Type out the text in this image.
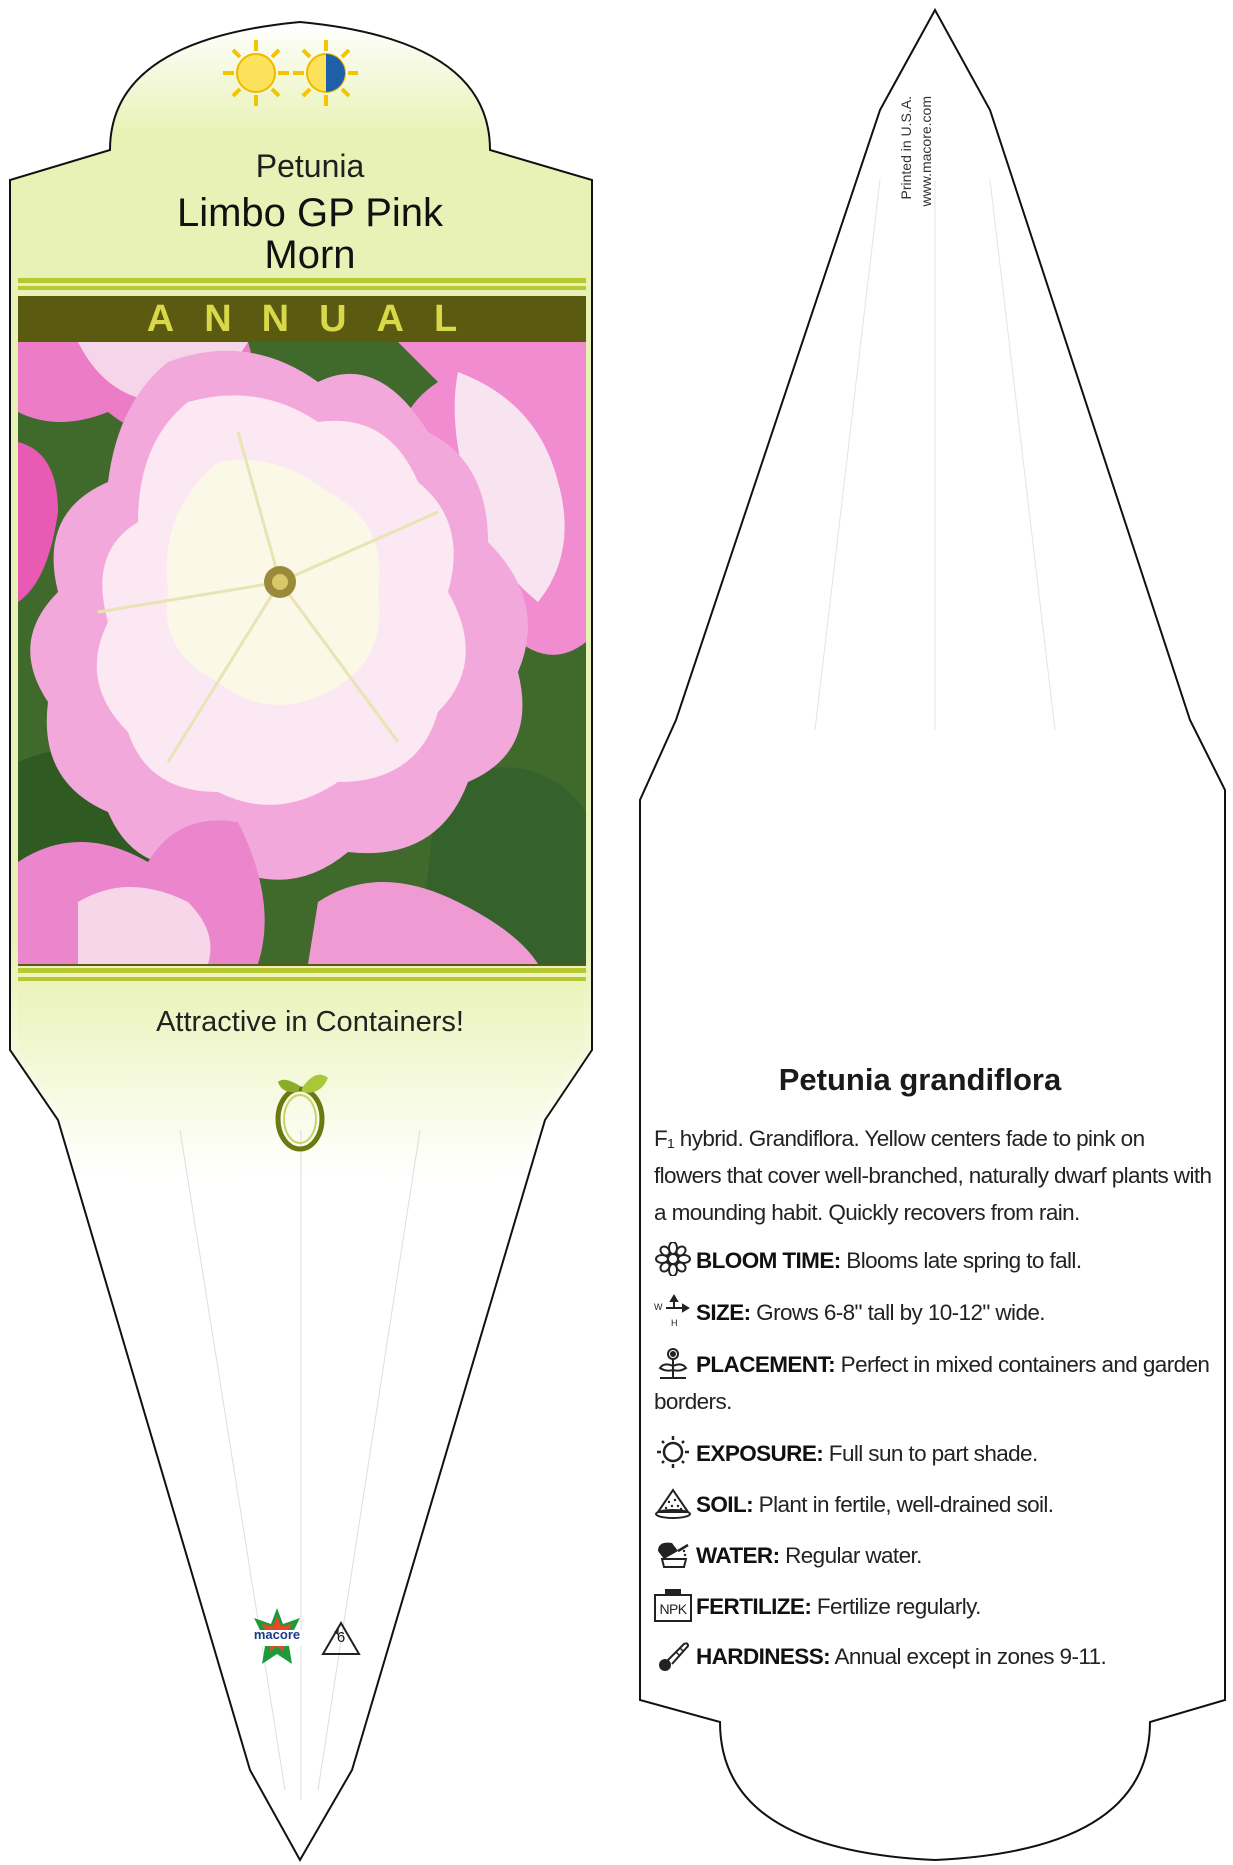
Petunia
Limbo GP Pink
Morn
ANNUAL
Attractive in Containers!
macore	6
Printed in U.S.A. www.macore.com
Petunia grandiflora
F₁ hybrid. Grandiflora. Yellow centers fade to pink on flowers that cover well-branched, naturally dwarf plants with a mounding habit. Quickly recovers from rain.
BLOOM TIME: Blooms late spring to fall.
W
H SIZE: Grows 6-8" tall by 10-12" wide.
PLACEMENT: Perfect in mixed containers and garden borders.
EXPOSURE: Full sun to part shade.
SOIL: Plant in fertile, well-drained soil.
WATER: Regular water.
NPK FERTILIZE: Fertilize regularly.
HARDINESS: Annual except in zones 9-11.
